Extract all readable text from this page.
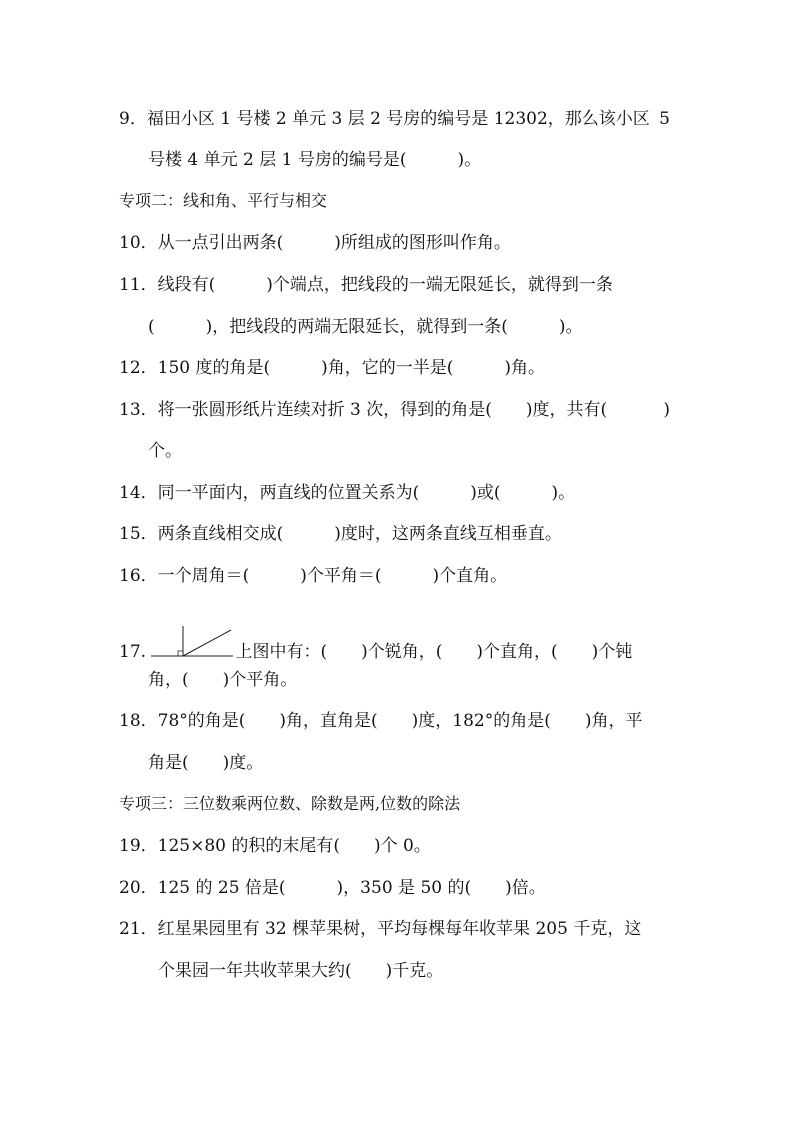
9．福田小区 1 号楼 2 单元 3 层 2 号房的编号是 12302，那么该小区 5
号楼 4 单元 2 层 1 号房的编号是(　　　)。
专项二：线和角、平行与相交
10．从一点引出两条(　　　)所组成的图形叫作角。
11．线段有(　　　)个端点，把线段的一端无限延长，就得到一条
(　　　)，把线段的两端无限延长，就得到一条(　　　)。
12．150 度的角是(　　　)角，它的一半是(　　　)角。
13．将一张圆形纸片连续对折 3 次，得到的角是(　　)度，共有(	)
个。
14．同一平面内，两直线的位置关系为(　　　)或(　　　)。
15．两条直线相交成(　　　)度时，这两条直线互相垂直。
16．一个周角＝(　　　)个平角＝(　　　)个直角。
17.	上图中有：(　　)个锐角，(　　)个直角，(　　)个钝
角，(　　)个平角。
18．78°的角是(　　)角，直角是(　　)度，182°的角是(　　)角，平
角是(　　)度。
专项三：三位数乘两位数、除数是两,位数的除法
19．125×80 的积的末尾有(　　)个 0。
20．125 的 25 倍是(　　　)，350 是 50 的(　　)倍。
21．红星果园里有 32 棵苹果树，平均每棵每年收苹果 205 千克，这
个果园一年共收苹果大约(　　)千克。
